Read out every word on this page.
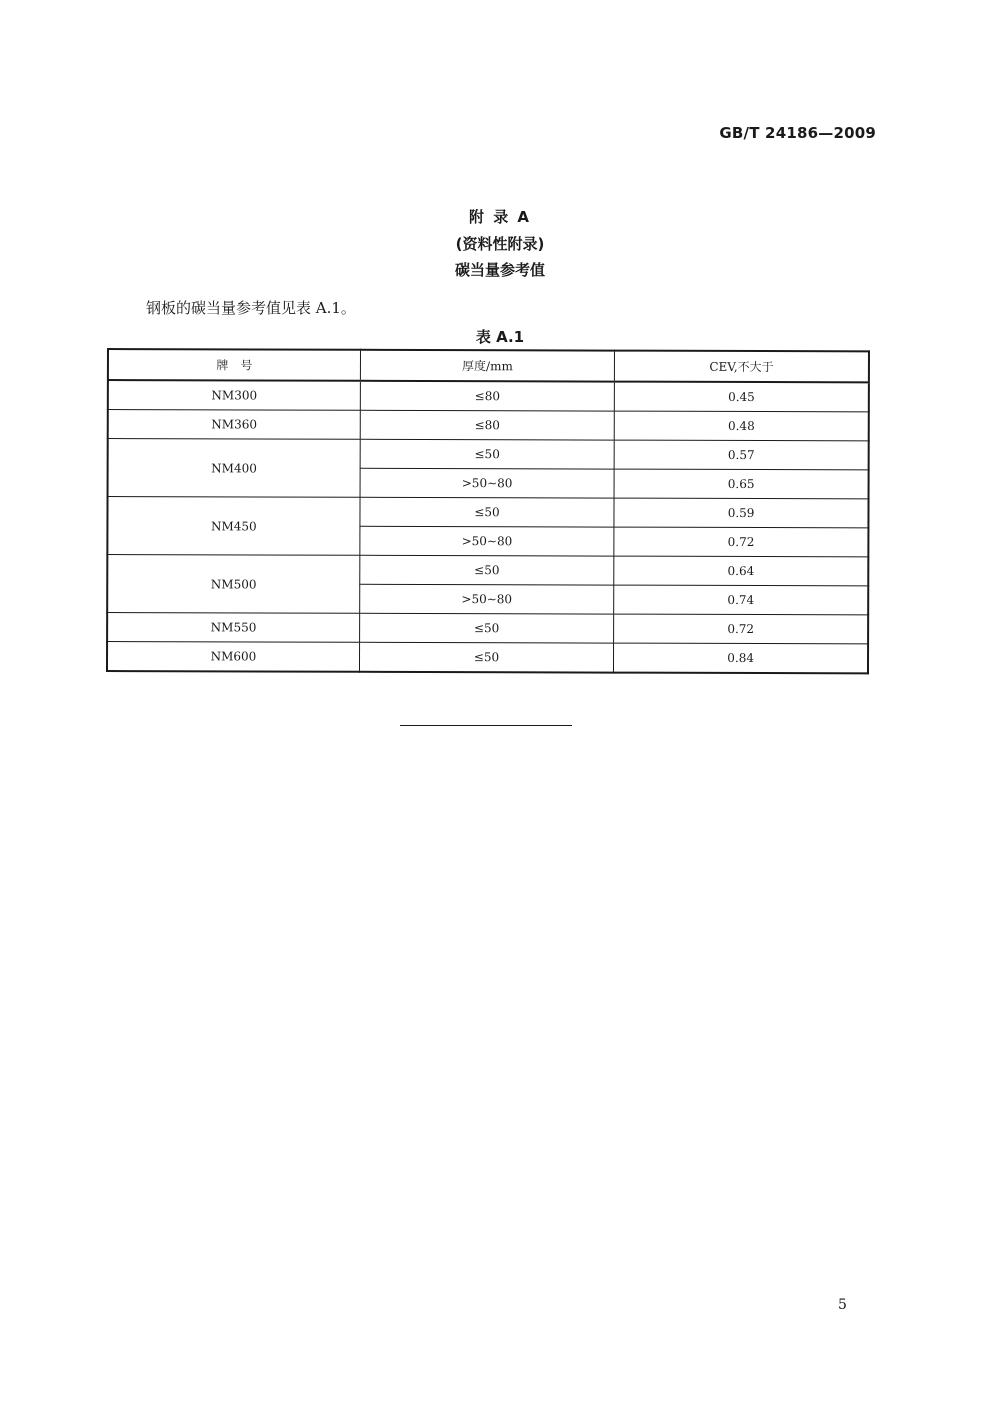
GB/T 24186—2009
附 录 A
(资料性附录)
碳当量参考值
钢板的碳当量参考值见表 A.1。
表 A.1
牌　号	厚度/mm	CEV,不大于
NM300	≤80	0.45
NM360	≤80	0.48
NM400	≤50	0.57
	>50~80	0.65
NM450	≤50	0.59
	>50~80	0.72
NM500	≤50	0.64
	>50~80	0.74
NM550	≤50	0.72
NM600	≤50	0.84
5
